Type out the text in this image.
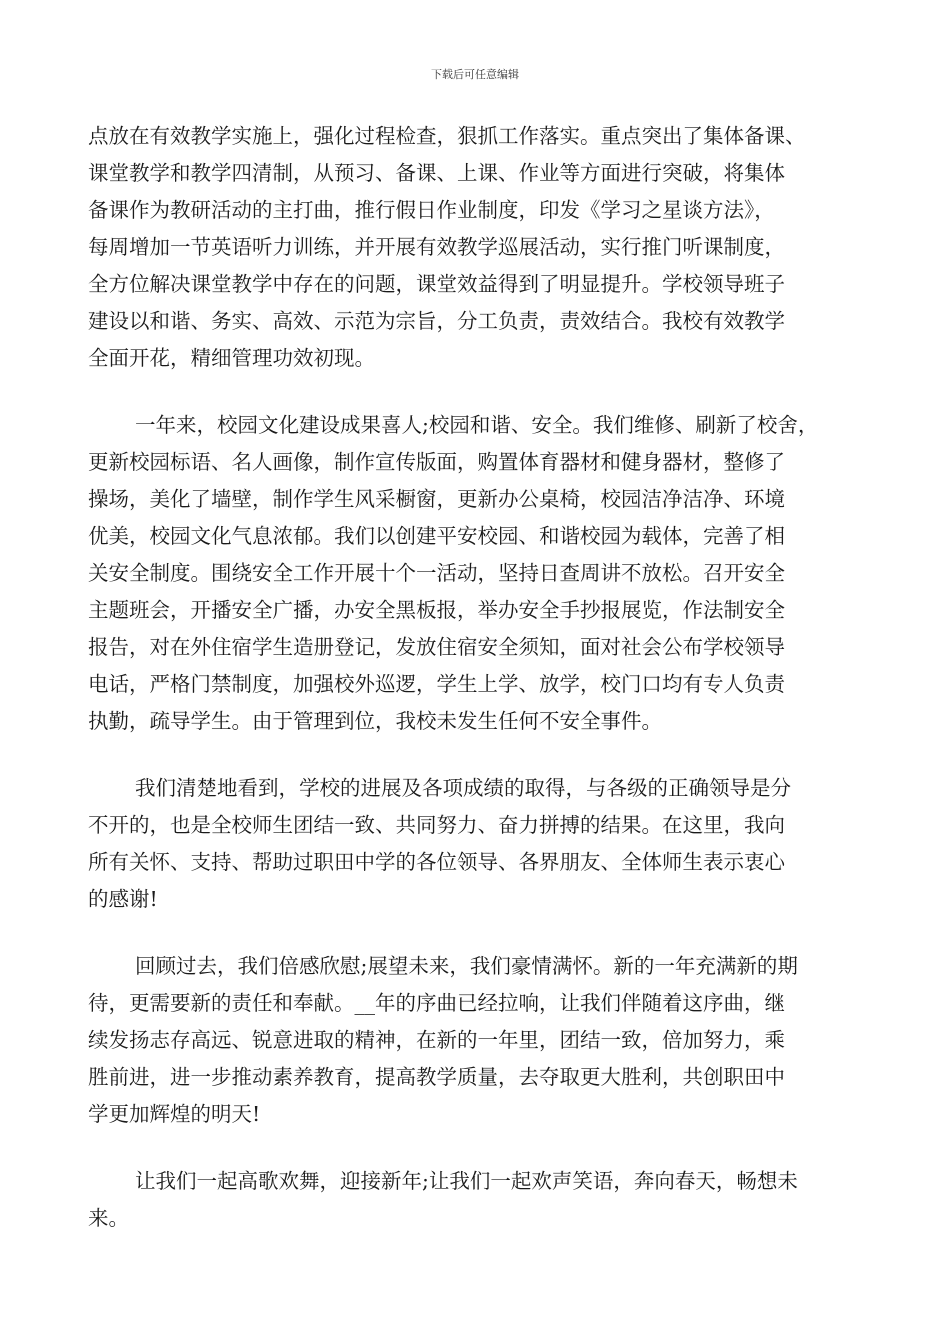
下载后可任意编辑
点放在有效教学实施上，强化过程检查，狠抓工作落实。重点突出了集体备课、
课堂教学和教学四清制，从预习、备课、上课、作业等方面进行突破，将集体
备课作为教研活动的主打曲，推行假日作业制度，印发《学习之星谈方法》，
每周增加一节英语听力训练，并开展有效教学巡展活动，实行推门听课制度，
全方位解决课堂教学中存在的问题，课堂效益得到了明显提升。学校领导班子
建设以和谐、务实、高效、示范为宗旨，分工负责，责效结合。我校有效教学
全面开花，精细管理功效初现。
一年来，校园文化建设成果喜人;校园和谐、安全。我们维修、刷新了校舍，
更新校园标语、名人画像，制作宣传版面，购置体育器材和健身器材，整修了
操场，美化了墙壁，制作学生风采橱窗，更新办公桌椅，校园洁净洁净、环境
优美，校园文化气息浓郁。我们以创建平安校园、和谐校园为载体，完善了相
关安全制度。围绕安全工作开展十个一活动，坚持日查周讲不放松。召开安全
主题班会，开播安全广播，办安全黑板报，举办安全手抄报展览，作法制安全
报告，对在外住宿学生造册登记，发放住宿安全须知，面对社会公布学校领导
电话，严格门禁制度，加强校外巡逻，学生上学、放学，校门口均有专人负责
执勤，疏导学生。由于管理到位，我校未发生任何不安全事件。
我们清楚地看到，学校的进展及各项成绩的取得，与各级的正确领导是分
不开的，也是全校师生团结一致、共同努力、奋力拼搏的结果。在这里，我向
所有关怀、支持、帮助过职田中学的各位领导、各界朋友、全体师生表示衷心
的感谢!
回顾过去，我们倍感欣慰;展望未来，我们豪情满怀。新的一年充满新的期
待，更需要新的责任和奉献。__年的序曲已经拉响，让我们伴随着这序曲，继
续发扬志存高远、锐意进取的精神，在新的一年里，团结一致，倍加努力，乘
胜前进，进一步推动素养教育，提高教学质量，去夺取更大胜利，共创职田中
学更加辉煌的明天!
让我们一起高歌欢舞，迎接新年;让我们一起欢声笑语，奔向春天，畅想未
来。
